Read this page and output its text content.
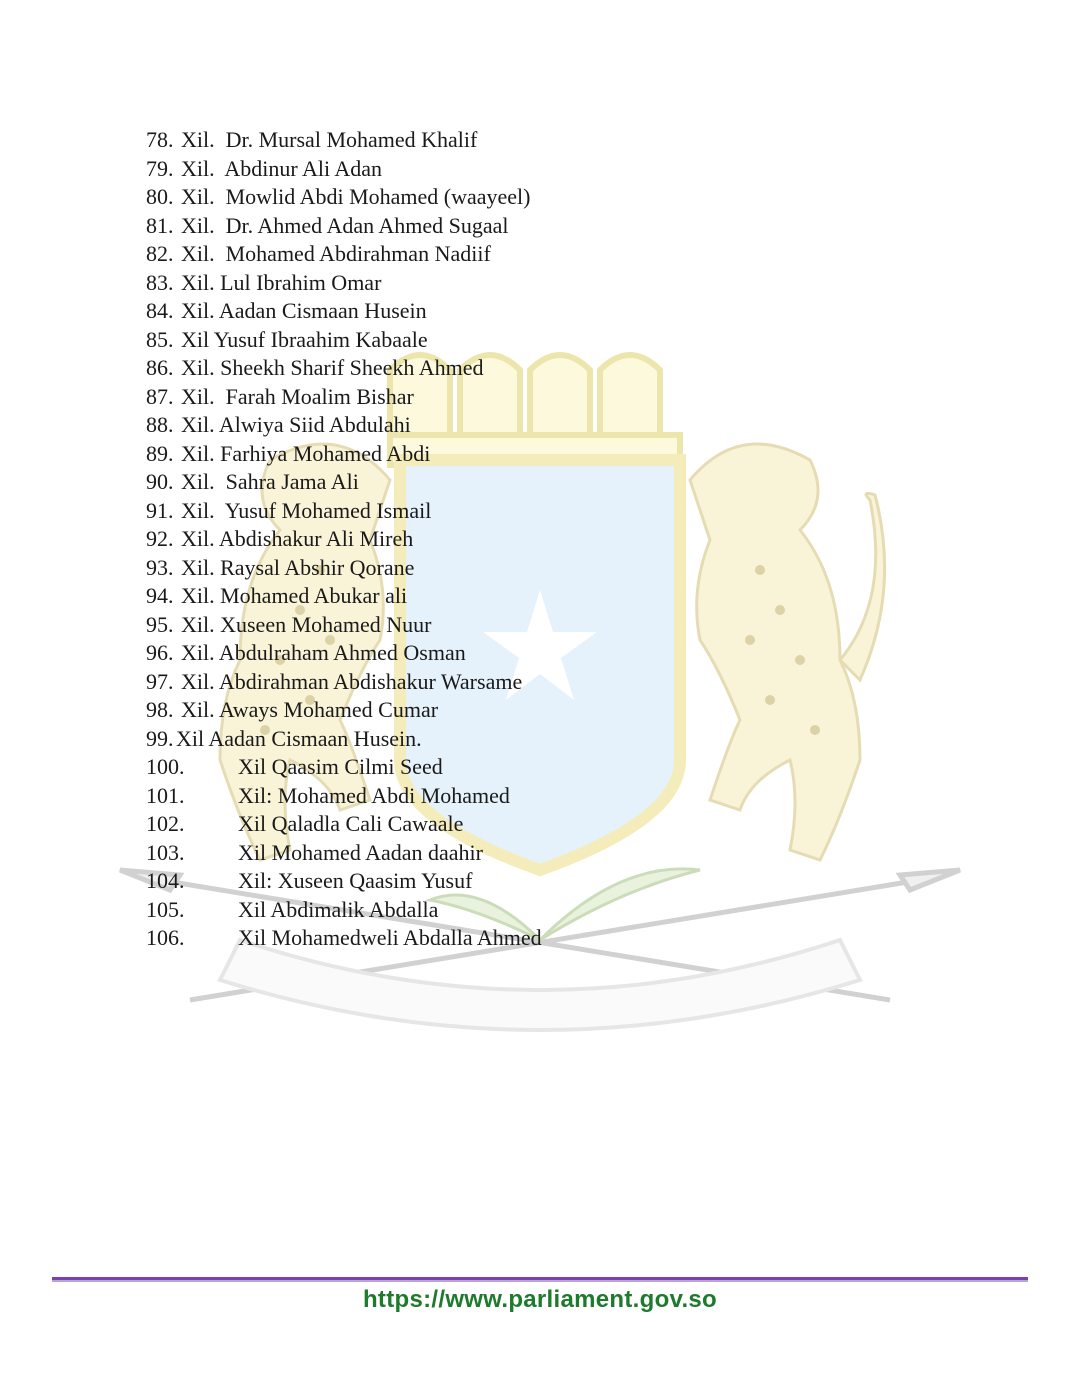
78. Xil.  Dr. Mursal Mohamed Khalif
79. Xil.  Abdinur Ali Adan
80. Xil.  Mowlid Abdi Mohamed (waayeel)
81. Xil.  Dr. Ahmed Adan Ahmed Sugaal
82. Xil.  Mohamed Abdirahman Nadiif
83. Xil. Lul Ibrahim Omar
84. Xil. Aadan Cismaan Husein
85. Xil Yusuf Ibraahim Kabaale
86. Xil. Sheekh Sharif Sheekh Ahmed
87. Xil.  Farah Moalim Bishar
88. Xil. Alwiya Siid Abdulahi
89. Xil. Farhiya Mohamed Abdi
90. Xil.  Sahra Jama Ali
91. Xil.  Yusuf Mohamed Ismail
92. Xil. Abdishakur Ali Mireh
93. Xil. Raysal Abshir Qorane
94. Xil. Mohamed Abukar ali
95. Xil. Xuseen Mohamed Nuur
96. Xil. Abdulraham Ahmed Osman
97. Xil. Abdirahman Abdishakur Warsame
98. Xil. Aways Mohamed Cumar
99. Xil Aadan Cismaan Husein.
100.	Xil Qaasim Cilmi Seed
101.	Xil: Mohamed Abdi Mohamed
102.	Xil Qaladla Cali Cawaale
103.	Xil Mohamed Aadan daahir
104.	Xil: Xuseen Qaasim Yusuf
105.	Xil Abdimalik Abdalla
106.	Xil Mohamedweli Abdalla Ahmed
https://www.parliament.gov.so
